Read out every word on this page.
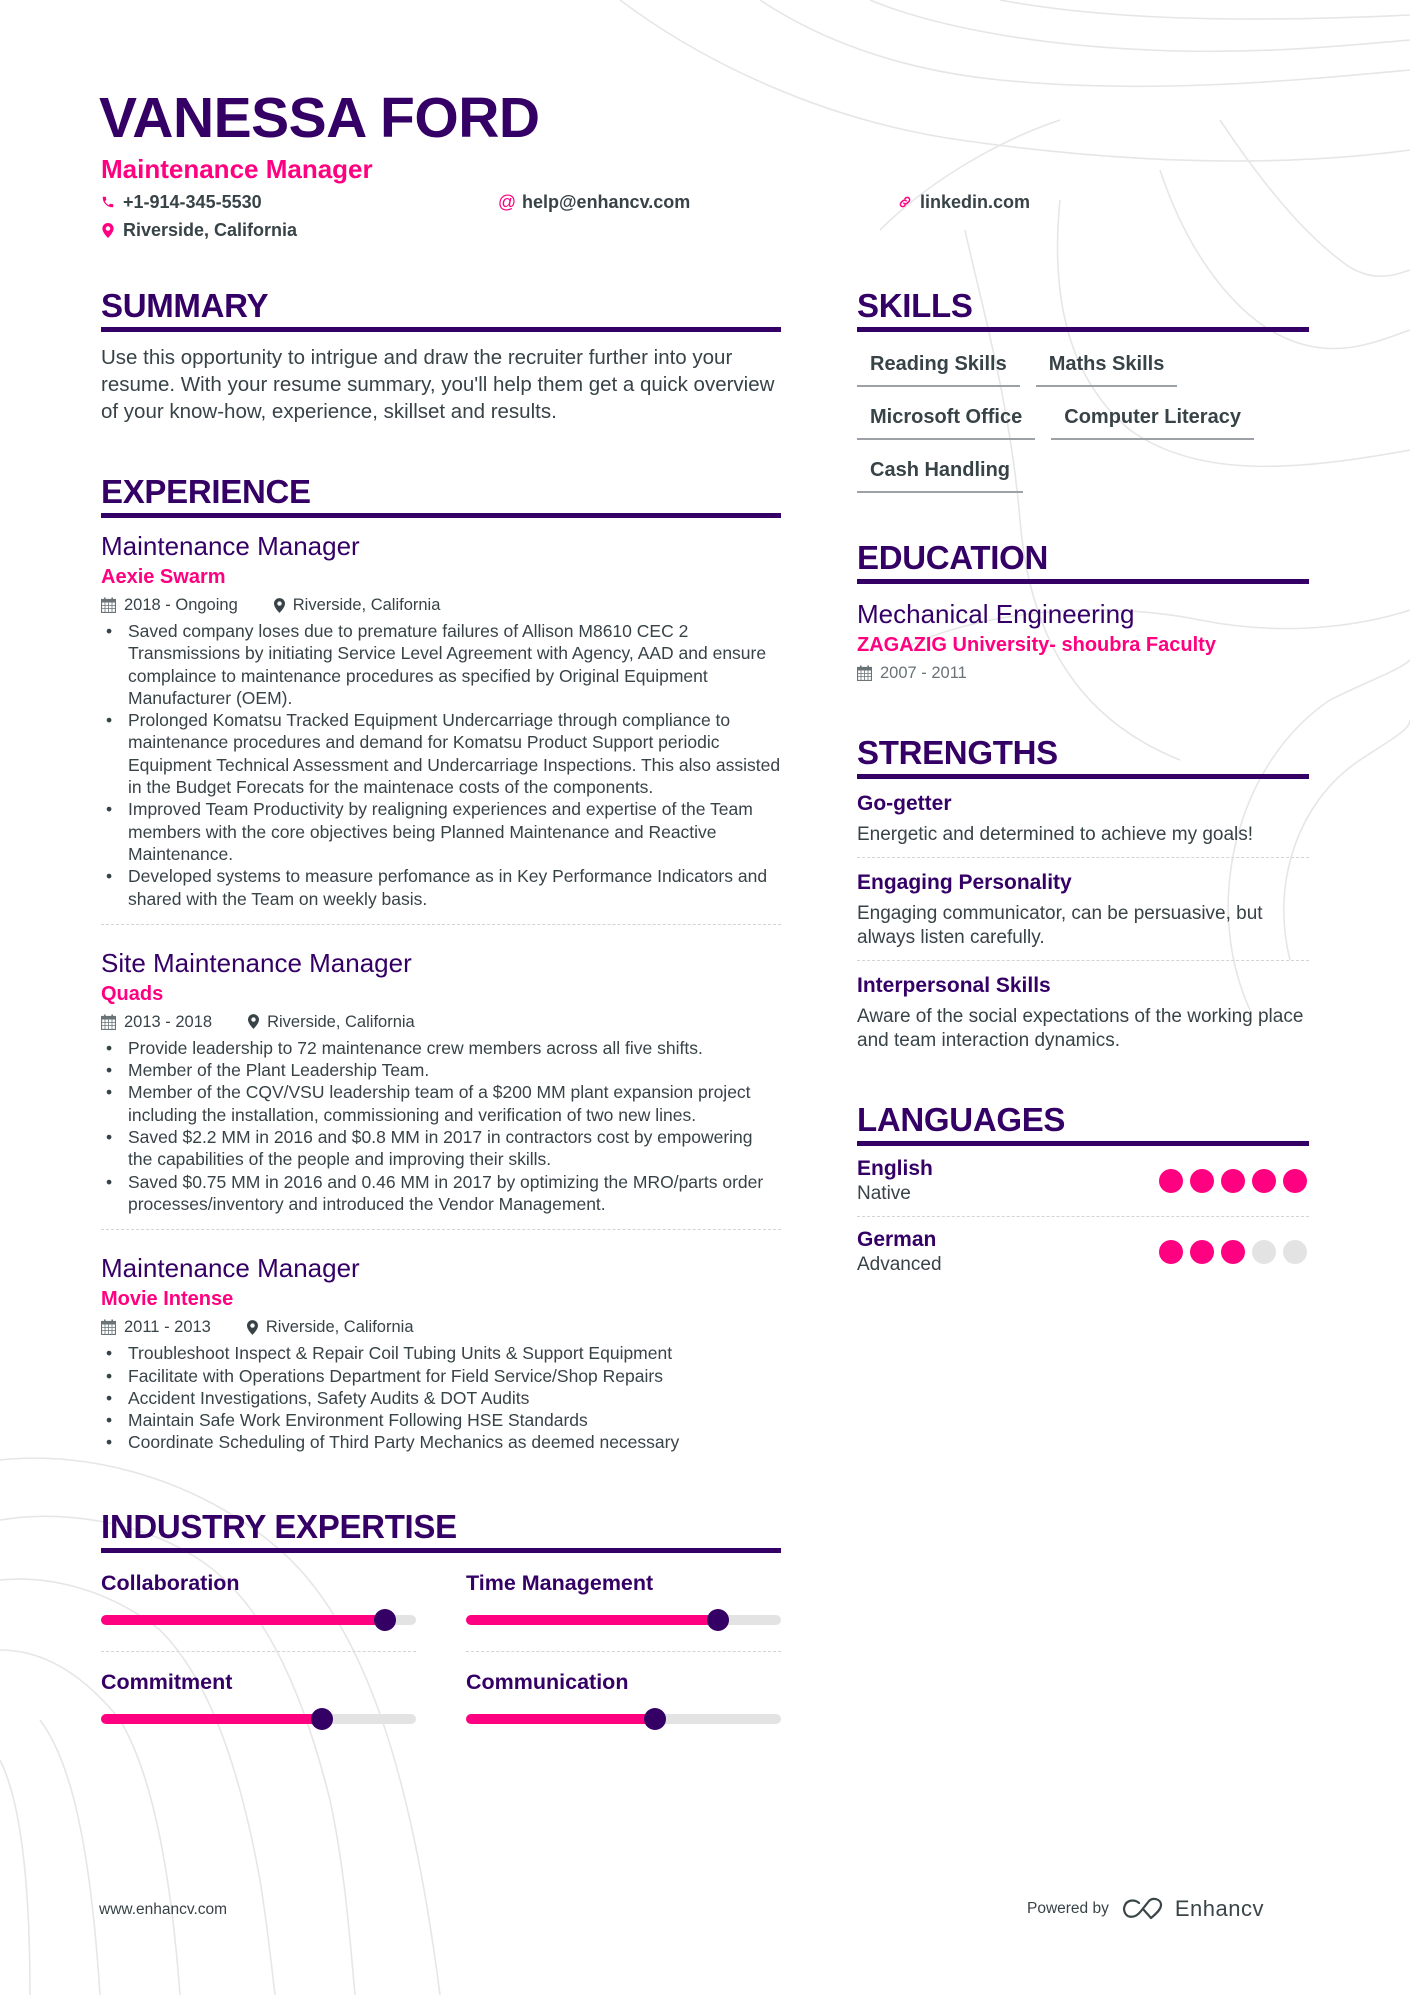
VANESSA FORD
Maintenance Manager
+1-914-345-5530	@ help@enhancv.com	linkedin.com
Riverside, California
SUMMARY
Use this opportunity to intrigue and draw the recruiter further into your resume. With your resume summary, you'll help them get a quick overview of your know-how, experience, skillset and results.
EXPERIENCE
Maintenance Manager
Aexie Swarm
2018 - Ongoing	Riverside, California
• Saved company loses due to premature failures of Allison M8610 CEC 2 Transmissions by initiating Service Level Agreement with Agency, AAD and ensure complaince to maintenance procedures as specified by Original Equipment Manufacturer (OEM).
• Prolonged Komatsu Tracked Equipment Undercarriage through compliance to maintenance procedures and demand for Komatsu Product Support periodic Equipment Technical Assessment and Undercarriage Inspections. This also assisted in the Budget Forecats for the maintenace costs of the components.
• Improved Team Productivity by realigning experiences and expertise of the Team members with the core objectives being Planned Maintenance and Reactive Maintenance.
• Developed systems to measure perfomance as in Key Performance Indicators and shared with the Team on weekly basis.
Site Maintenance Manager
Quads
2013 - 2018	Riverside, California
• Provide leadership to 72 maintenance crew members across all five shifts.
• Member of the Plant Leadership Team.
• Member of the CQV/VSU leadership team of a $200 MM plant expansion project including the installation, commissioning and verification of two new lines.
• Saved $2.2 MM in 2016 and $0.8 MM in 2017 in contractors cost by empowering the capabilities of the people and improving their skills.
• Saved $0.75 MM in 2016 and 0.46 MM in 2017 by optimizing the MRO/parts order processes/inventory and introduced the Vendor Management.
Maintenance Manager
Movie Intense
2011 - 2013	Riverside, California
• Troubleshoot Inspect & Repair Coil Tubing Units & Support Equipment
• Facilitate with Operations Department for Field Service/Shop Repairs
• Accident Investigations, Safety Audits & DOT Audits
• Maintain Safe Work Environment Following HSE Standards
• Coordinate Scheduling of Third Party Mechanics as deemed necessary
INDUSTRY EXPERTISE
Collaboration	Time Management
Commitment	Communication
SKILLS
Reading Skills	Maths Skills
Microsoft Office	Computer Literacy
Cash Handling
EDUCATION
Mechanical Engineering
ZAGAZIG University- shoubra Faculty
2007 - 2011
STRENGTHS
Go-getter
Energetic and determined to achieve my goals!
Engaging Personality
Engaging communicator, can be persuasive, but always listen carefully.
Interpersonal Skills
Aware of the social expectations of the working place and team interaction dynamics.
LANGUAGES
English
Native
German
Advanced
www.enhancv.com	Powered by	Enhancv
